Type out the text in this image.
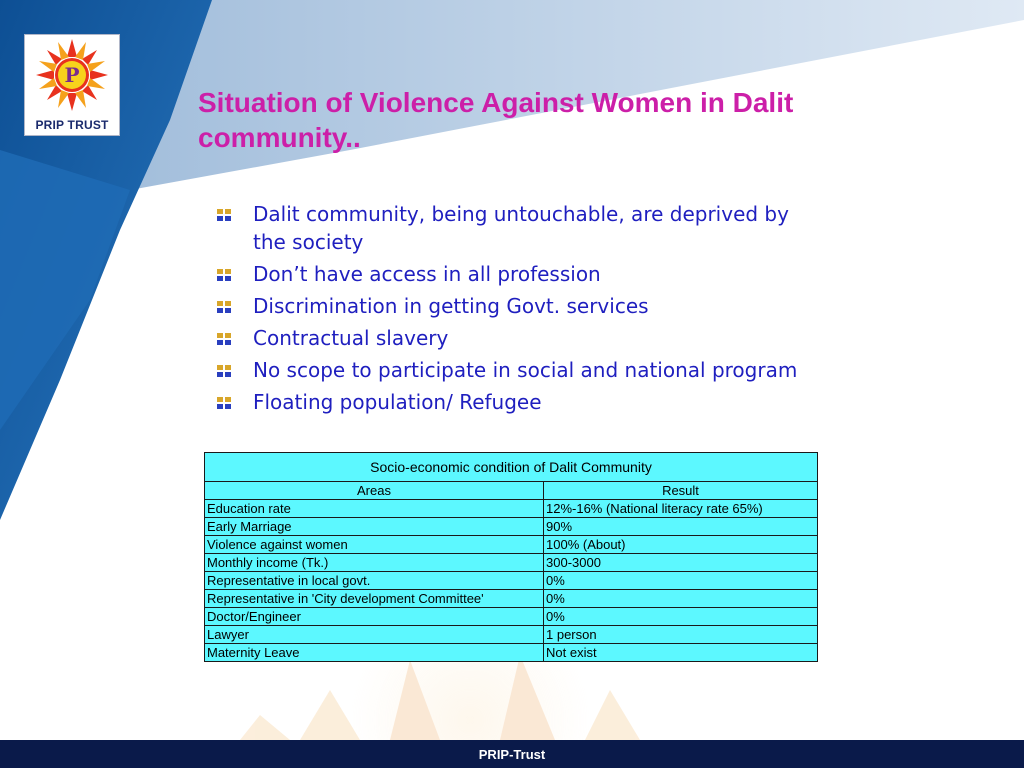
P
PRIP TRUST
Situation of Violence Against Women in Dalit community..
Dalit community, being untouchable, are deprived by the society
Don’t have access in all profession
Discrimination in getting Govt. services
Contractual slavery
No scope to participate in social and national program
Floating population/ Refugee
Socio-economic condition of Dalit Community	
Areas	Result
Education rate	12%-16% (National literacy rate 65%)
Early Marriage	90%
Violence against women	100% (About)
Monthly income (Tk.)	300-3000
Representative in local govt.	0%
Representative in 'City development Committee'	0%
Doctor/Engineer	0%
Lawyer	1 person
Maternity Leave	Not exist
PRIP-Trust
